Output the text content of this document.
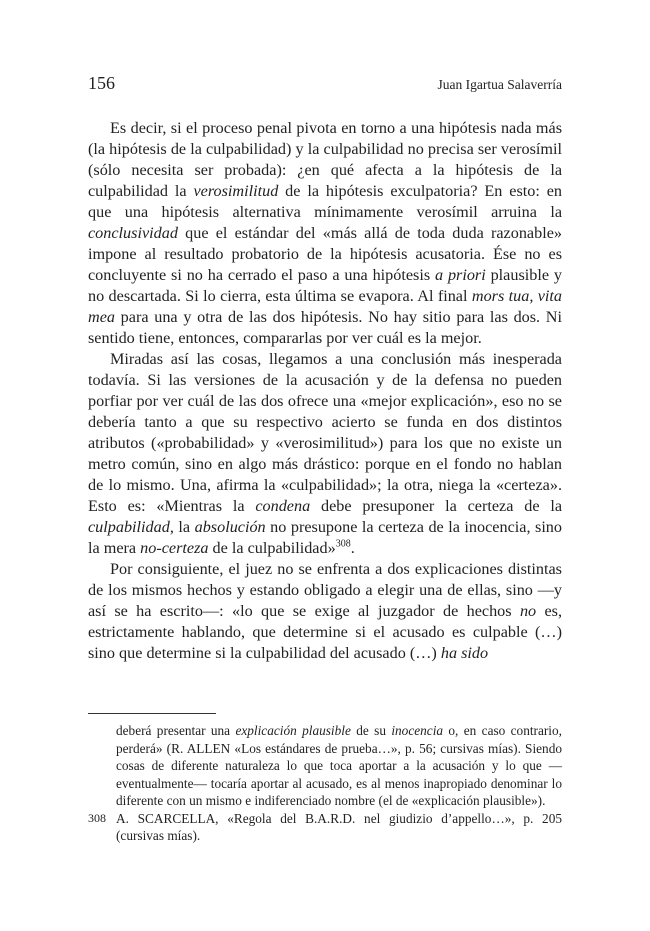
156	Juan Igartua Salaverría

Es decir, si el proceso penal pivota en torno a una hipótesis nada más (la hipótesis de la culpabilidad) y la culpabilidad no precisa ser verosímil (sólo necesita ser probada): ¿en qué afecta a la hipótesis de la culpabilidad la verosimilitud de la hipótesis exculpatoria? En esto: en que una hipótesis alternativa mínimamente verosímil arruina la conclusividad que el estándar del «más allá de toda duda razonable» impone al resultado probatorio de la hipótesis acusatoria. Ése no es concluyente si no ha cerrado el paso a una hipótesis a priori plausible y no descartada. Si lo cierra, esta última se evapora. Al final mors tua, vita mea para una y otra de las dos hipótesis. No hay sitio para las dos. Ni sentido tiene, entonces, compararlas por ver cuál es la mejor.

Miradas así las cosas, llegamos a una conclusión más inesperada todavía. Si las versiones de la acusación y de la defensa no pueden porfiar por ver cuál de las dos ofrece una «mejor explicación», eso no se debería tanto a que su respectivo acierto se funda en dos distintos atributos («probabilidad» y «verosimilitud») para los que no existe un metro común, sino en algo más drástico: porque en el fondo no hablan de lo mismo. Una, afirma la «culpabilidad»; la otra, niega la «certeza». Esto es: «Mientras la condena debe presuponer la certeza de la culpabilidad, la absolución no presupone la certeza de la inocencia, sino la mera no-certeza de la culpabilidad»$^{308}$.

Por consiguiente, el juez no se enfrenta a dos explicaciones distintas de los mismos hechos y estando obligado a elegir una de ellas, sino —y así se ha escrito—: «lo que se exige al juzgador de hechos no es, estrictamente hablando, que determine si el acusado es culpable (…) sino que determine si la culpabilidad del acusado (…) ha sido

deberá presentar una explicación plausible de su inocencia o, en caso contrario, perderá» (R. ALLEN «Los estándares de prueba…», p. 56; cursivas mías). Siendo cosas de diferente naturaleza lo que toca aportar a la acusación y lo que —eventualmente— tocaría aportar al acusado, es al menos inapropiado denominar lo diferente con un mismo e indiferenciado nombre (el de «explicación plausible»).

308 A. SCARCELLA, «Regola del B.A.R.D. nel giudizio d’appello…», p. 205 (cursivas mías).
